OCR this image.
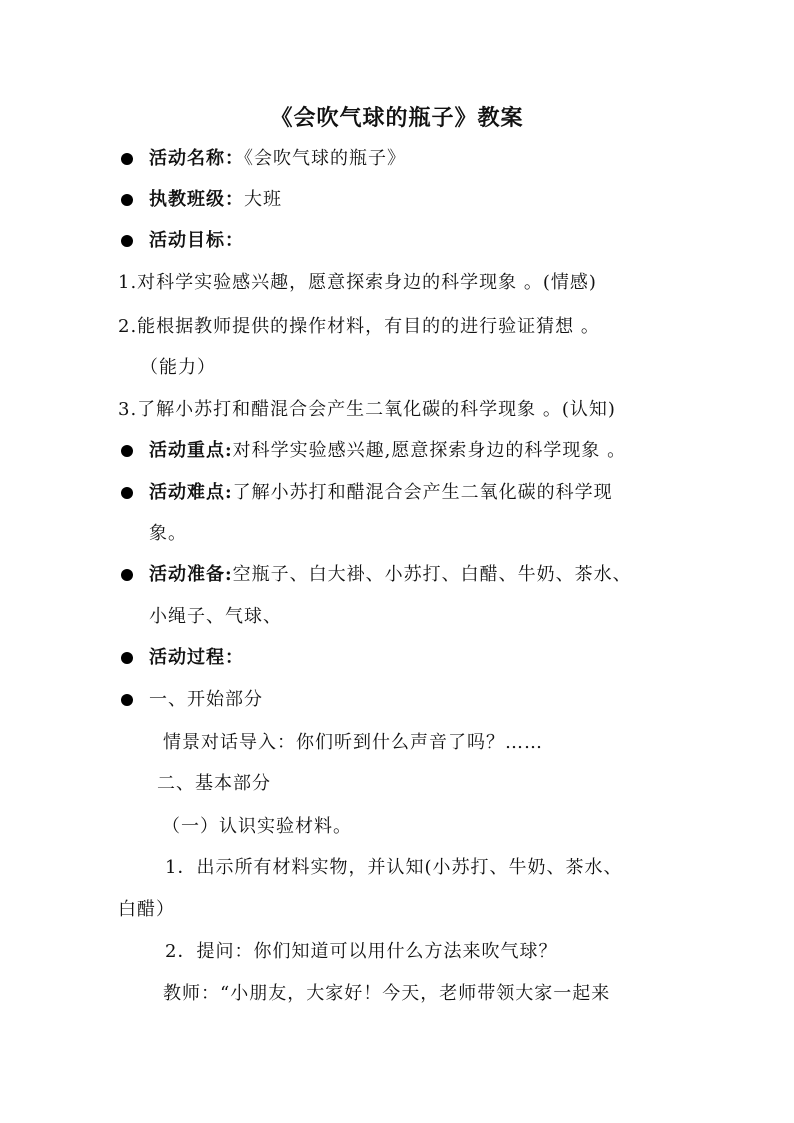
《会吹气球的瓶子》教案
活动名称：《会吹气球的瓶子》
执教班级：大班
活动目标：
1.对科学实验感兴趣，愿意探索身边的科学现象 。(情感)
2.能根据教师提供的操作材料，有目的的进行验证猜想 。
（能力）
3.了解小苏打和醋混合会产生二氧化碳的科学现象 。(认知)
活动重点:对科学实验感兴趣,愿意探索身边的科学现象 。
活动难点:了解小苏打和醋混合会产生二氧化碳的科学现
象。
活动准备:空瓶子、白大褂、小苏打、白醋、牛奶、茶水、
小绳子、气球、
活动过程：
一、开始部分
情景对话导入：你们听到什么声音了吗？……
二、基本部分
（一）认识实验材料。
1．出示所有材料实物，并认知(小苏打、牛奶、茶水、
白醋）
2．提问：你们知道可以用什么方法来吹气球？
教师：“小朋友，大家好！今天，老师带领大家一起来
